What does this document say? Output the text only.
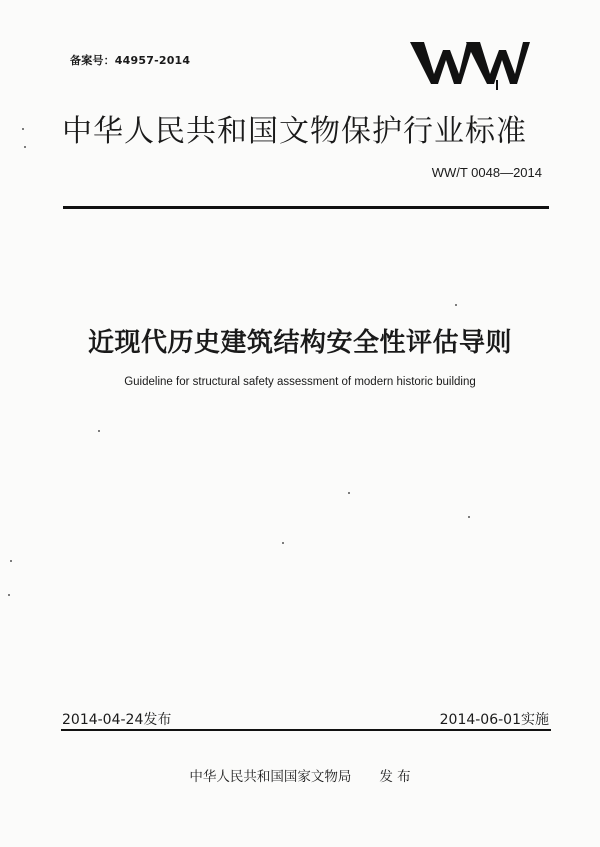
备案号：44957-2014
中华人民共和国文物保护行业标准
WW/T 0048—2014
近现代历史建筑结构安全性评估导则
Guideline for structural safety assessment of modern historic building
2014-04-24发布	2014-06-01实施
中华人民共和国国家文物局 发 布
